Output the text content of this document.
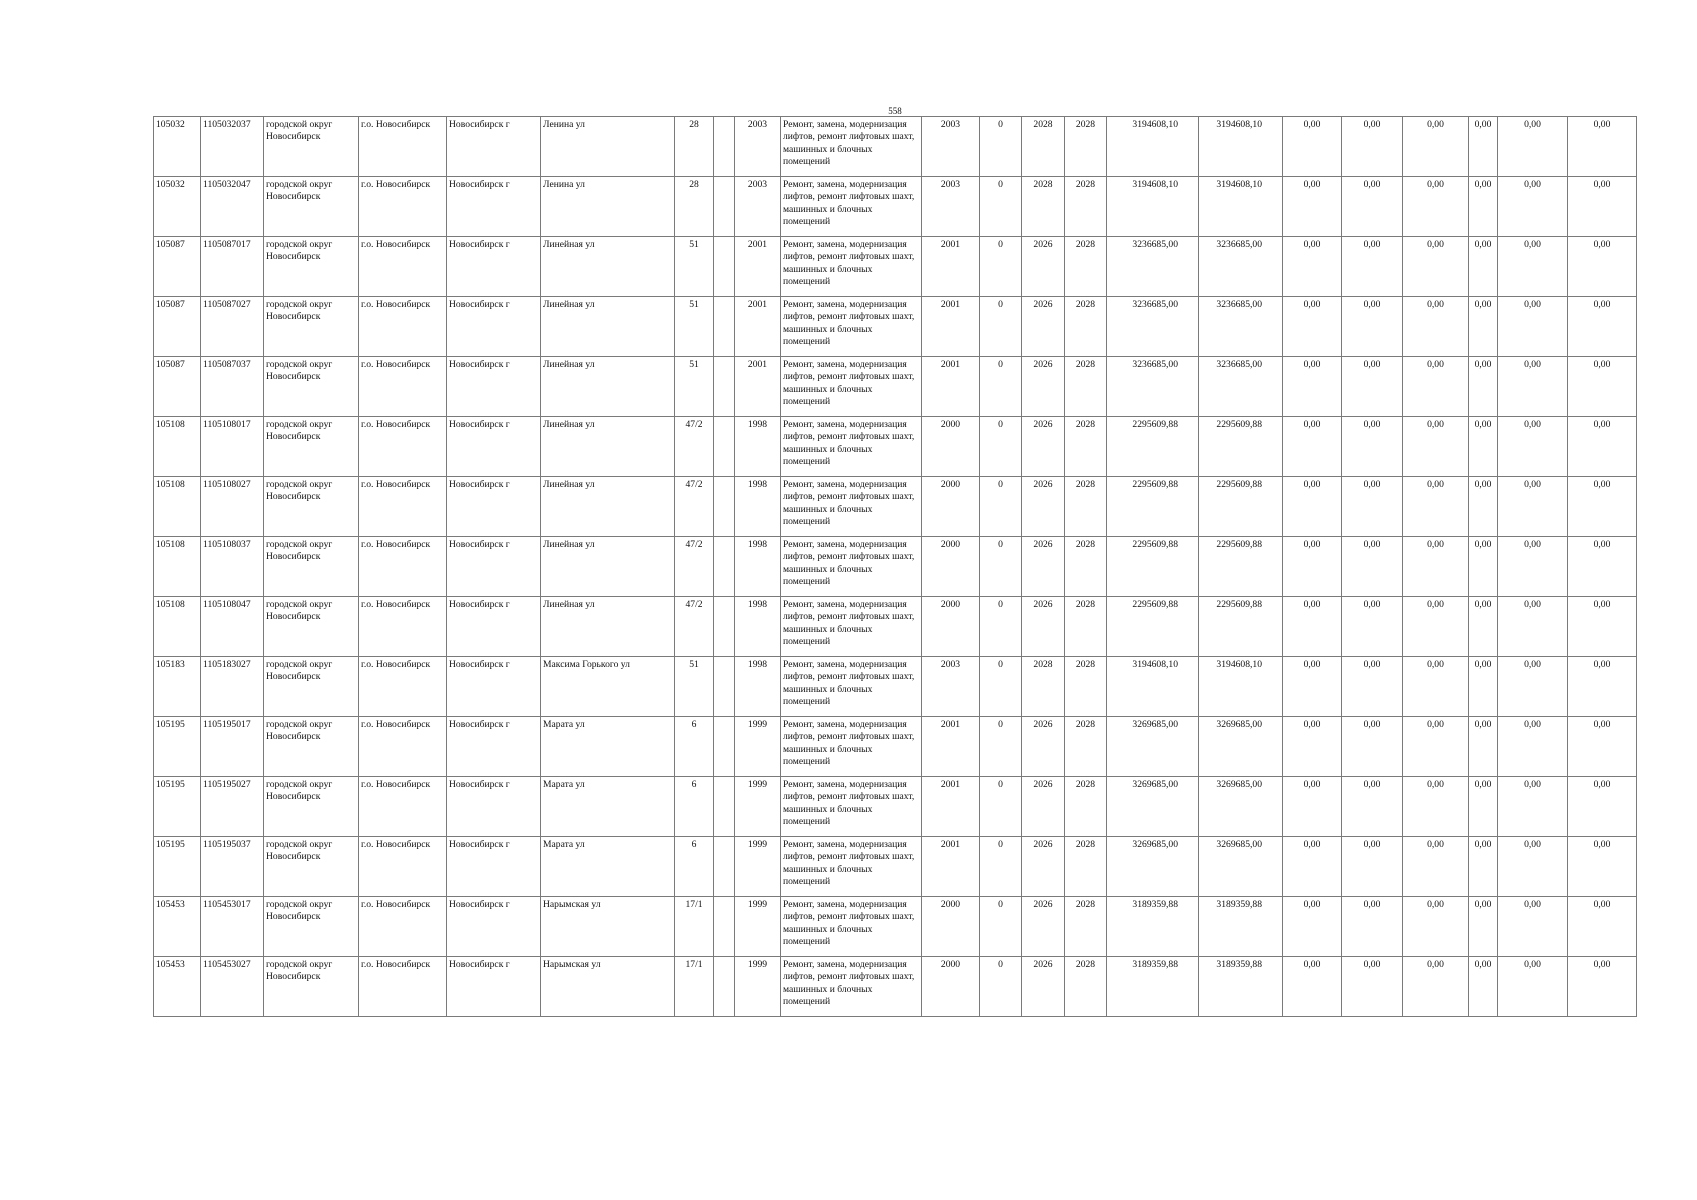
558
105032	1105032037	городской округ Новосибирск	г.о. Новосибирск	Новосибирск г	Ленина ул	28		2003	Ремонт, замена, модернизация лифтов, ремонт лифтовых шахт, машинных и блочных помещений	2003	0	2028	2028	3194608,10	3194608,10	0,00	0,00	0,00	0,00	0,00	0,00
105032	1105032047	городской округ Новосибирск	г.о. Новосибирск	Новосибирск г	Ленина ул	28		2003	Ремонт, замена, модернизация лифтов, ремонт лифтовых шахт, машинных и блочных помещений	2003	0	2028	2028	3194608,10	3194608,10	0,00	0,00	0,00	0,00	0,00	0,00
105087	1105087017	городской округ Новосибирск	г.о. Новосибирск	Новосибирск г	Линейная ул	51		2001	Ремонт, замена, модернизация лифтов, ремонт лифтовых шахт, машинных и блочных помещений	2001	0	2026	2028	3236685,00	3236685,00	0,00	0,00	0,00	0,00	0,00	0,00
105087	1105087027	городской округ Новосибирск	г.о. Новосибирск	Новосибирск г	Линейная ул	51		2001	Ремонт, замена, модернизация лифтов, ремонт лифтовых шахт, машинных и блочных помещений	2001	0	2026	2028	3236685,00	3236685,00	0,00	0,00	0,00	0,00	0,00	0,00
105087	1105087037	городской округ Новосибирск	г.о. Новосибирск	Новосибирск г	Линейная ул	51		2001	Ремонт, замена, модернизация лифтов, ремонт лифтовых шахт, машинных и блочных помещений	2001	0	2026	2028	3236685,00	3236685,00	0,00	0,00	0,00	0,00	0,00	0,00
105108	1105108017	городской округ Новосибирск	г.о. Новосибирск	Новосибирск г	Линейная ул	47/2		1998	Ремонт, замена, модернизация лифтов, ремонт лифтовых шахт, машинных и блочных помещений	2000	0	2026	2028	2295609,88	2295609,88	0,00	0,00	0,00	0,00	0,00	0,00
105108	1105108027	городской округ Новосибирск	г.о. Новосибирск	Новосибирск г	Линейная ул	47/2		1998	Ремонт, замена, модернизация лифтов, ремонт лифтовых шахт, машинных и блочных помещений	2000	0	2026	2028	2295609,88	2295609,88	0,00	0,00	0,00	0,00	0,00	0,00
105108	1105108037	городской округ Новосибирск	г.о. Новосибирск	Новосибирск г	Линейная ул	47/2		1998	Ремонт, замена, модернизация лифтов, ремонт лифтовых шахт, машинных и блочных помещений	2000	0	2026	2028	2295609,88	2295609,88	0,00	0,00	0,00	0,00	0,00	0,00
105108	1105108047	городской округ Новосибирск	г.о. Новосибирск	Новосибирск г	Линейная ул	47/2		1998	Ремонт, замена, модернизация лифтов, ремонт лифтовых шахт, машинных и блочных помещений	2000	0	2026	2028	2295609,88	2295609,88	0,00	0,00	0,00	0,00	0,00	0,00
105183	1105183027	городской округ Новосибирск	г.о. Новосибирск	Новосибирск г	Максима Горького ул	51		1998	Ремонт, замена, модернизация лифтов, ремонт лифтовых шахт, машинных и блочных помещений	2003	0	2028	2028	3194608,10	3194608,10	0,00	0,00	0,00	0,00	0,00	0,00
105195	1105195017	городской округ Новосибирск	г.о. Новосибирск	Новосибирск г	Марата ул	6		1999	Ремонт, замена, модернизация лифтов, ремонт лифтовых шахт, машинных и блочных помещений	2001	0	2026	2028	3269685,00	3269685,00	0,00	0,00	0,00	0,00	0,00	0,00
105195	1105195027	городской округ Новосибирск	г.о. Новосибирск	Новосибирск г	Марата ул	6		1999	Ремонт, замена, модернизация лифтов, ремонт лифтовых шахт, машинных и блочных помещений	2001	0	2026	2028	3269685,00	3269685,00	0,00	0,00	0,00	0,00	0,00	0,00
105195	1105195037	городской округ Новосибирск	г.о. Новосибирск	Новосибирск г	Марата ул	6		1999	Ремонт, замена, модернизация лифтов, ремонт лифтовых шахт, машинных и блочных помещений	2001	0	2026	2028	3269685,00	3269685,00	0,00	0,00	0,00	0,00	0,00	0,00
105453	1105453017	городской округ Новосибирск	г.о. Новосибирск	Новосибирск г	Нарымская ул	17/1		1999	Ремонт, замена, модернизация лифтов, ремонт лифтовых шахт, машинных и блочных помещений	2000	0	2026	2028	3189359,88	3189359,88	0,00	0,00	0,00	0,00	0,00	0,00
105453	1105453027	городской округ Новосибирск	г.о. Новосибирск	Новосибирск г	Нарымская ул	17/1		1999	Ремонт, замена, модернизация лифтов, ремонт лифтовых шахт, машинных и блочных помещений	2000	0	2026	2028	3189359,88	3189359,88	0,00	0,00	0,00	0,00	0,00	0,00
